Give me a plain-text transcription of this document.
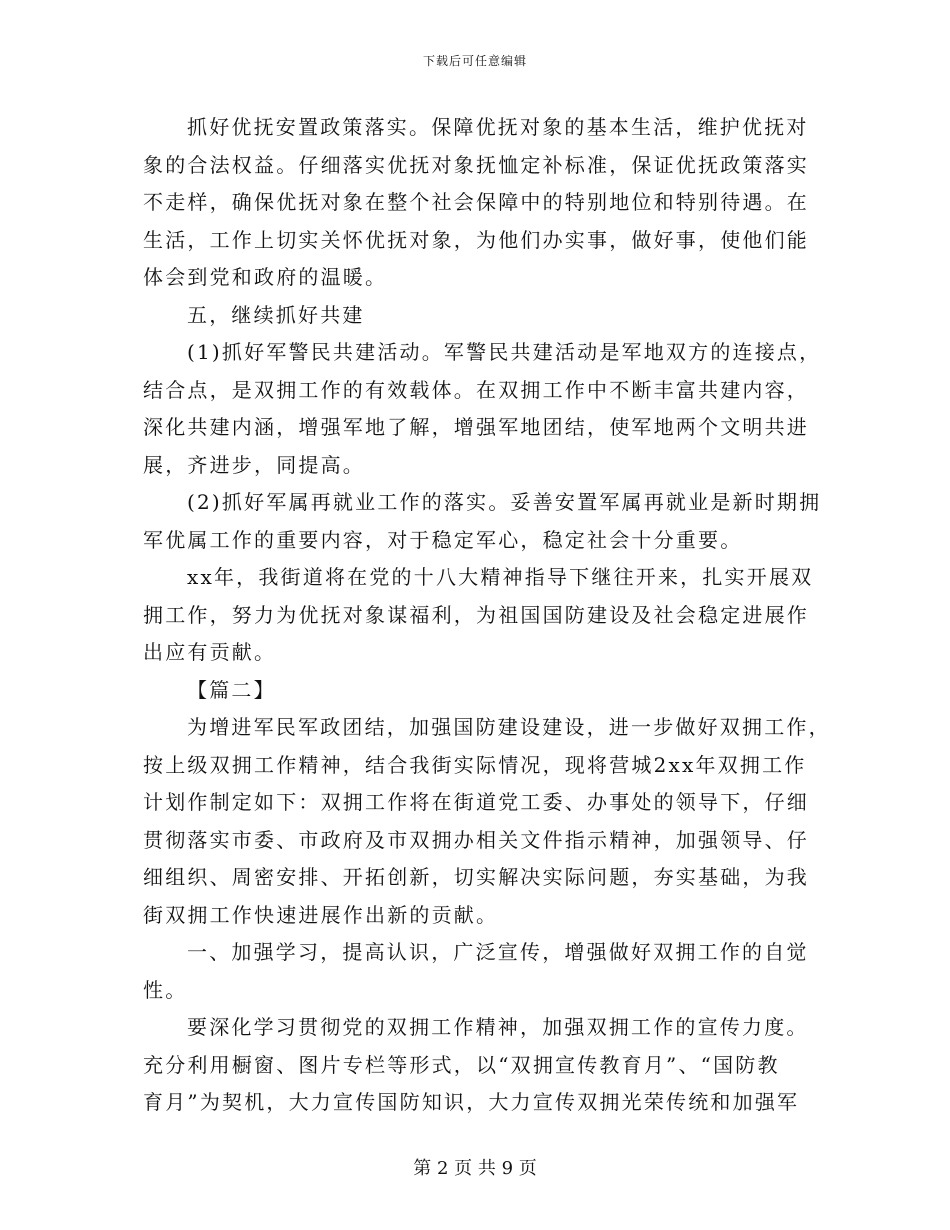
下载后可任意编辑
抓好优抚安置政策落实。保障优抚对象的基本生活，维护优抚对
象的合法权益。仔细落实优抚对象抚恤定补标准，保证优抚政策落实
不走样，确保优抚对象在整个社会保障中的特别地位和特别待遇。在
生活，工作上切实关怀优抚对象，为他们办实事，做好事，使他们能
体会到党和政府的温暖。
五，继续抓好共建
(1)抓好军警民共建活动。军警民共建活动是军地双方的连接点，
结合点，是双拥工作的有效载体。在双拥工作中不断丰富共建内容，
深化共建内涵，增强军地了解，增强军地团结，使军地两个文明共进
展，齐进步，同提高。
(2)抓好军属再就业工作的落实。妥善安置军属再就业是新时期拥
军优属工作的重要内容，对于稳定军心，稳定社会十分重要。
xx年，我街道将在党的十八大精神指导下继往开来，扎实开展双
拥工作，努力为优抚对象谋福利，为祖国国防建设及社会稳定进展作
出应有贡献。
【篇二】
为增进军民军政团结，加强国防建设建设，进一步做好双拥工作，
按上级双拥工作精神，结合我街实际情况，现将营城2xx年双拥工作
计划作制定如下：双拥工作将在街道党工委、办事处的领导下，仔细
贯彻落实市委、市政府及市双拥办相关文件指示精神，加强领导、仔
细组织、周密安排、开拓创新，切实解决实际问题，夯实基础，为我
街双拥工作快速进展作出新的贡献。
一、加强学习，提高认识，广泛宣传，增强做好双拥工作的自觉
性。
要深化学习贯彻党的双拥工作精神，加强双拥工作的宣传力度。
充分利用橱窗、图片专栏等形式，以“双拥宣传教育月”、“国防教
育月”为契机，大力宣传国防知识，大力宣传双拥光荣传统和加强军
第 2 页 共 9 页
